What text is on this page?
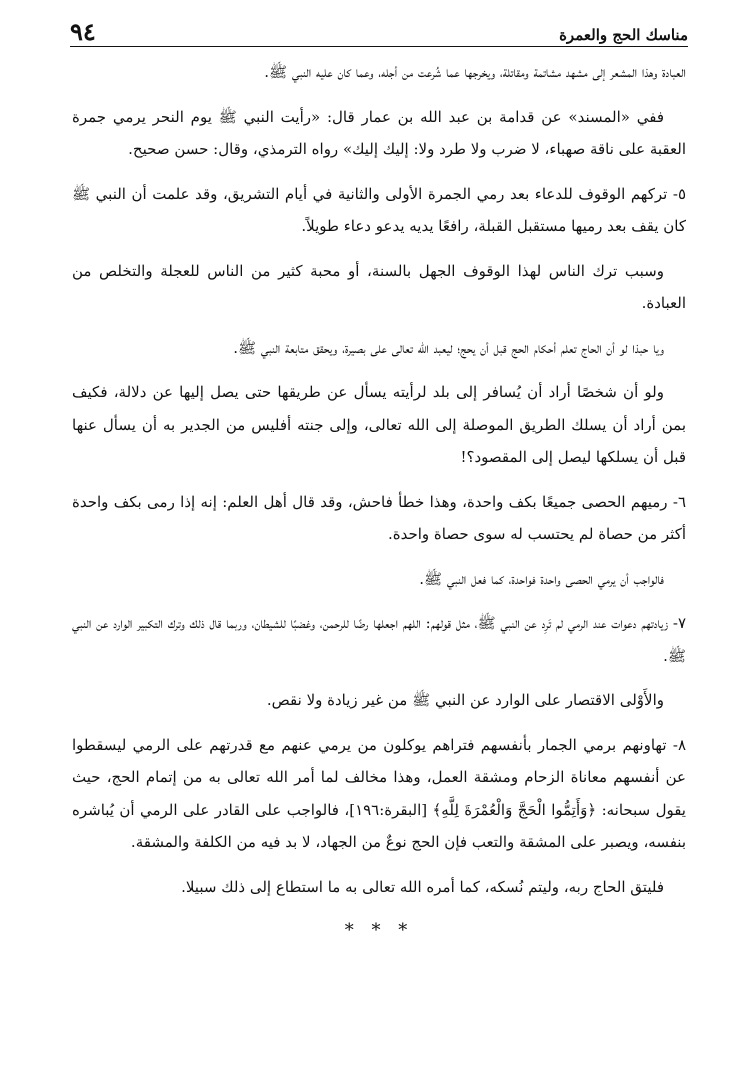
٩٤	مناسك الحج والعمرة

العبادة وهذا المشعر إلى مشهد مشاتمة ومقاتلة، ويخرجها عما شُرعت من أجله، وعما كان عليه النبي ﷺ.

ففي «المسند» عن قدامة بن عبد الله بن عمار قال: «رأيت النبي ﷺ يوم النحر يرمي جمرة العقبة على ناقة صهباء، لا ضرب ولا طرد ولا: إليك إليك» رواه الترمذي، وقال: حسن صحيح.

٥- تركهم الوقوف للدعاء بعد رمي الجمرة الأولى والثانية في أيام التشريق، وقد علمت أن النبي ﷺ كان يقف بعد رميها مستقبل القبلة، رافعًا يديه يدعو دعاء طويلاً.

وسبب ترك الناس لهذا الوقوف الجهل بالسنة، أو محبة كثير من الناس للعجلة والتخلص من العبادة.

ويا حبذا لو أن الحاج تعلم أحكام الحج قبل أن يحج؛ ليعبد الله تعالى على بصيرة، ويحقق متابعة النبي ﷺ.

ولو أن شخصًا أراد أن يُسافر إلى بلد لرأيته يسأل عن طريقها حتى يصل إليها عن دلالة، فكيف بمن أراد أن يسلك الطريق الموصلة إلى الله تعالى، وإلى جنته أفليس من الجدير به أن يسأل عنها قبل أن يسلكها ليصل إلى المقصود؟!

٦- رميهم الحصى جميعًا بكف واحدة، وهذا خطأ فاحش، وقد قال أهل العلم: إنه إذا رمى بكف واحدة أكثر من حصاة لم يحتسب له سوى حصاة واحدة.

فالواجب أن يرمي الحصى واحدة فواحدة، كما فعل النبي ﷺ.

٧- زيادتهم دعوات عند الرمي لم تَرِد عن النبي ﷺ، مثل قولهم: اللهم اجعلها رضًا للرحمن، وغضبًا للشيطان، وربما قال ذلك وترك التكبير الوارد عن النبي ﷺ.

والأَوْلى الاقتصار على الوارد عن النبي ﷺ من غير زيادة ولا نقص.

٨- تهاونهم برمي الجمار بأنفسهم فتراهم يوكلون من يرمي عنهم مع قدرتهم على الرمي ليسقطوا عن أنفسهم معاناة الزحام ومشقة العمل، وهذا مخالف لما أمر الله تعالى به من إتمام الحج، حيث يقول سبحانه: ﴿وَأَتِمُّوا الْحَجَّ وَالْعُمْرَةَ لِلَّهِ﴾ [البقرة:١٩٦]، فالواجب على القادر على الرمي أن يُباشره بنفسه، ويصبر على المشقة والتعب فإن الحج نوعٌ من الجهاد، لا بد فيه من الكلفة والمشقة.

فليتق الحاج ربه، وليتم نُسكه، كما أمره الله تعالى به ما استطاع إلى ذلك سبيلا.

* * *
